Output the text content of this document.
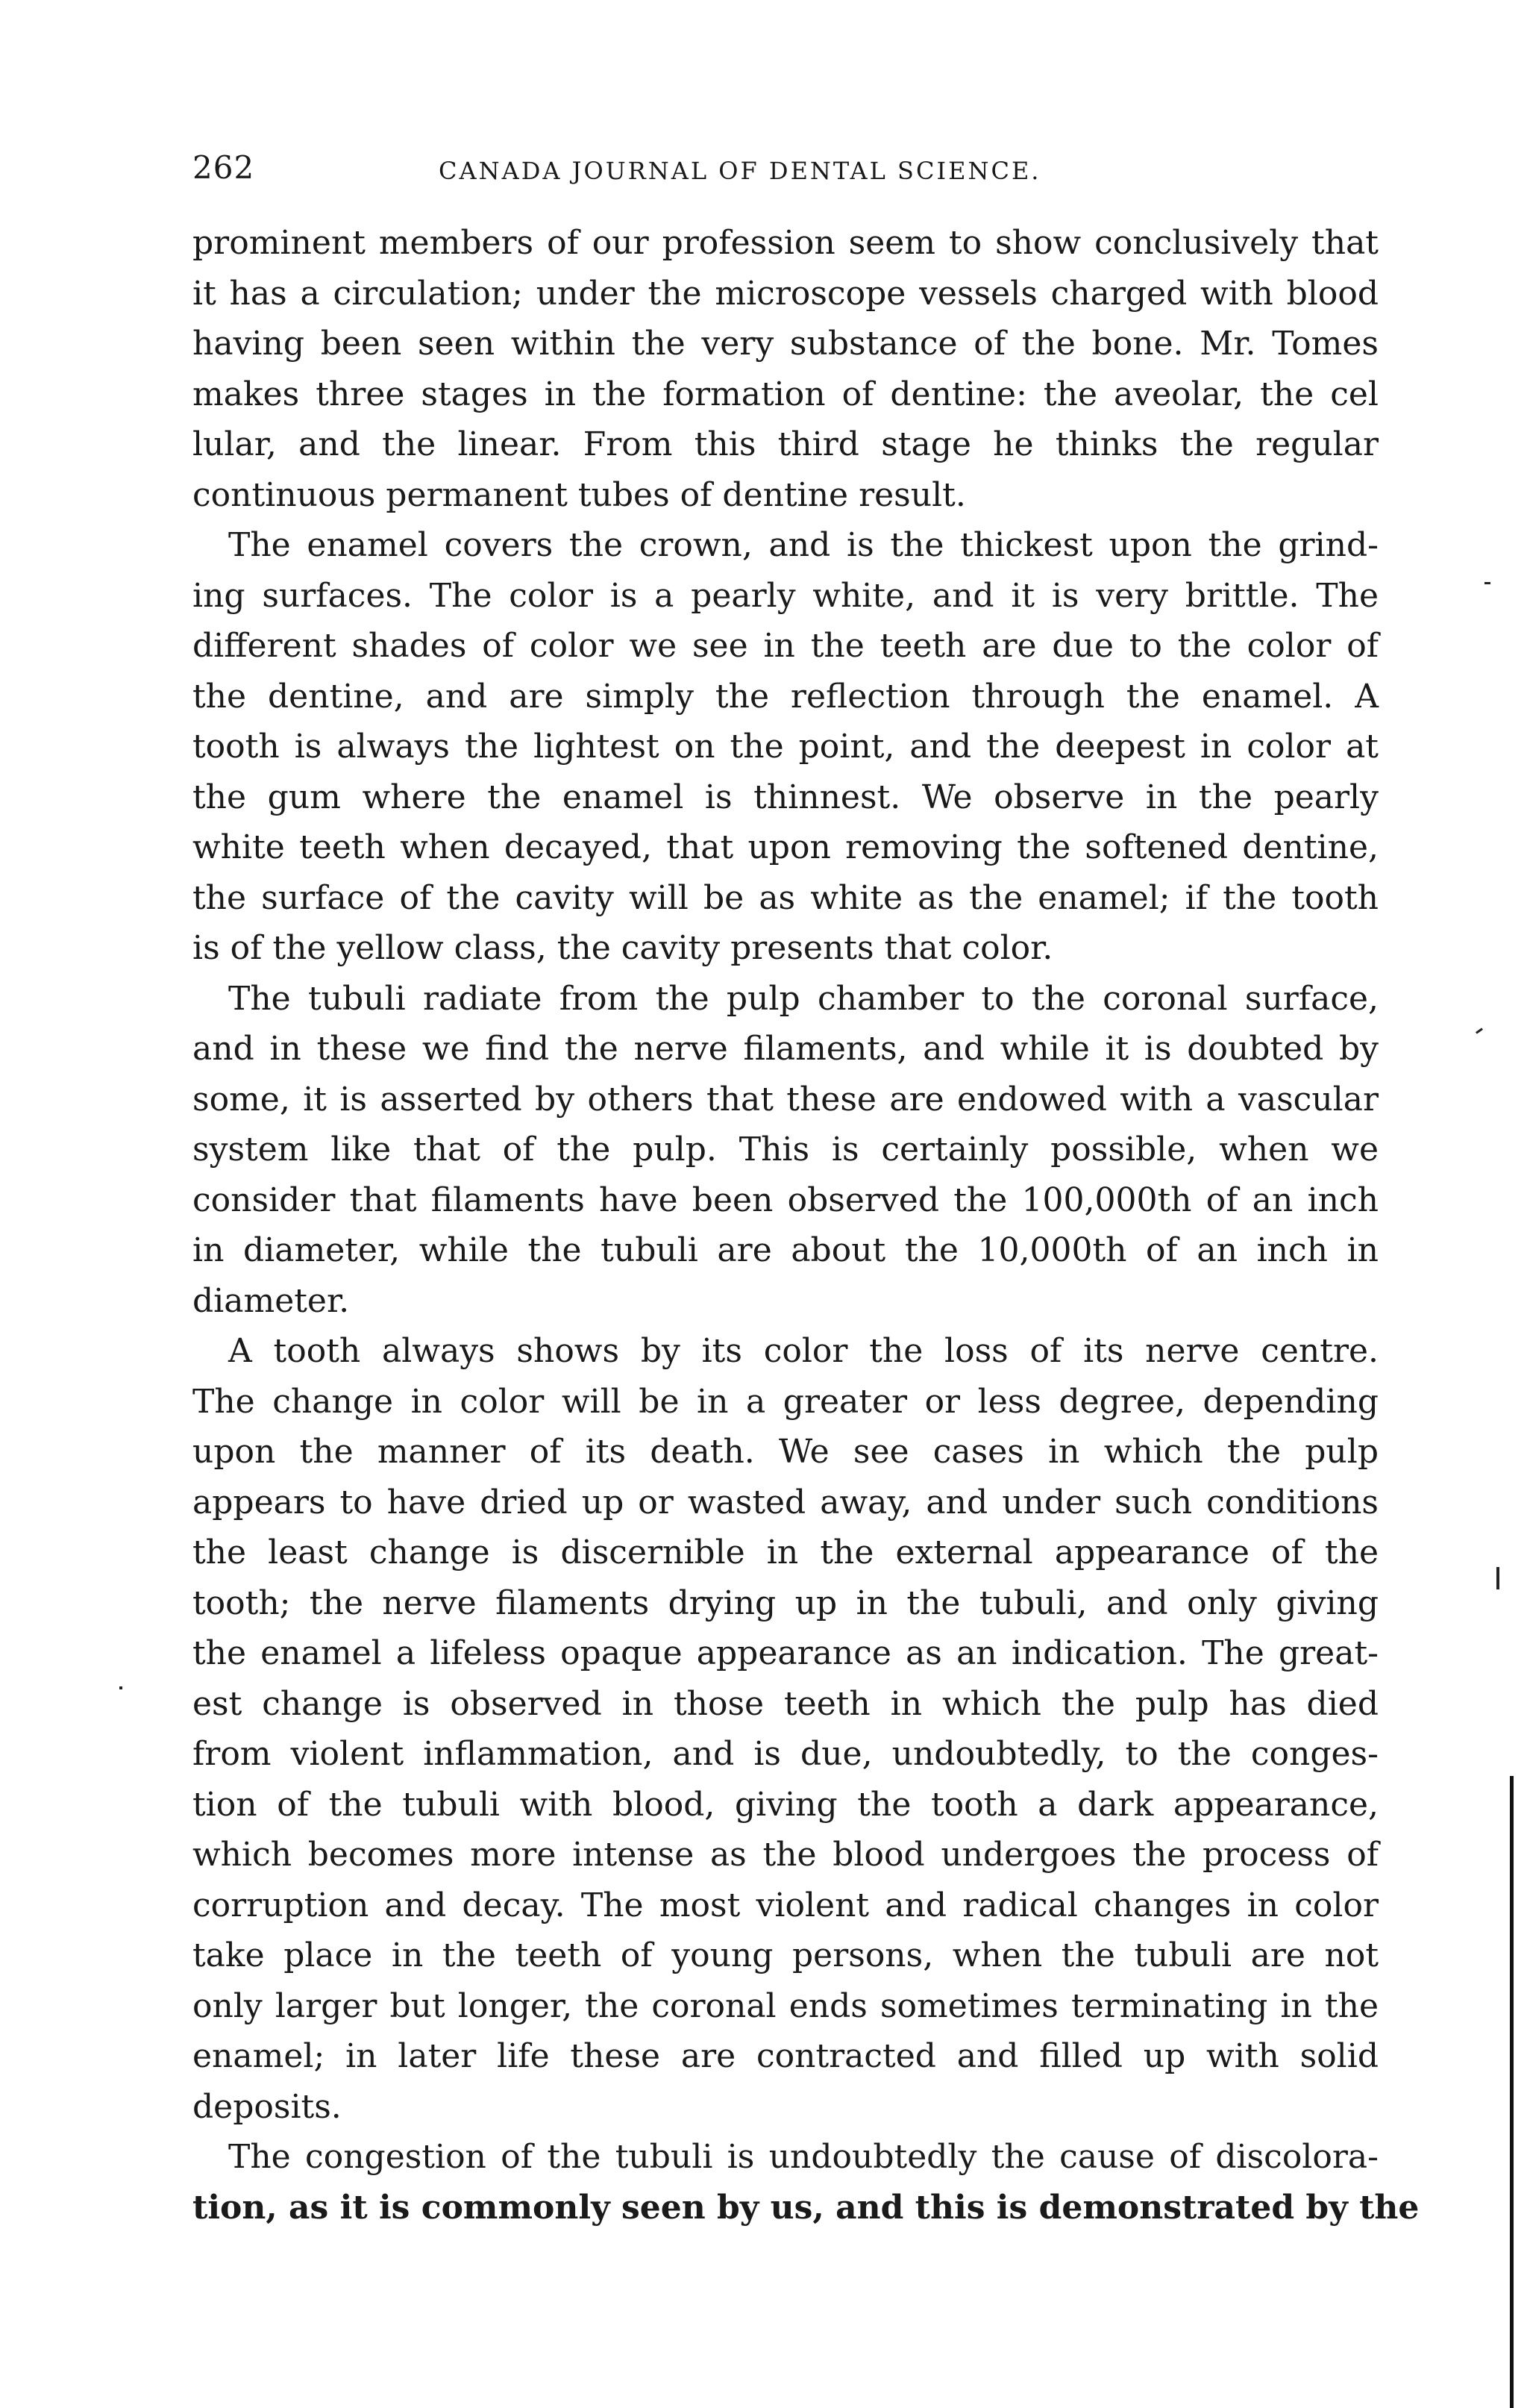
262	CANADA JOURNAL OF DENTAL SCIENCE.
prominent members of our profession seem to show conclusively that
it has a circulation; under the microscope vessels charged with blood
having been seen within the very substance of the bone. Mr. Tomes
makes three stages in the formation of dentine: the aveolar, the cel
lular, and the linear. From this third stage he thinks the regular
continuous permanent tubes of dentine result.
The enamel covers the crown, and is the thickest upon the grind-
ing surfaces. The color is a pearly white, and it is very brittle. The
different shades of color we see in the teeth are due to the color of
the dentine, and are simply the reflection through the enamel. A
tooth is always the lightest on the point, and the deepest in color at
the gum where the enamel is thinnest. We observe in the pearly
white teeth when decayed, that upon removing the softened dentine,
the surface of the cavity will be as white as the enamel; if the tooth
is of the yellow class, the cavity presents that color.
The tubuli radiate from the pulp chamber to the coronal surface,
and in these we find the nerve filaments, and while it is doubted by
some, it is asserted by others that these are endowed with a vascular
system like that of the pulp. This is certainly possible, when we
consider that filaments have been observed the 100,000th of an inch
in diameter, while the tubuli are about the 10,000th of an inch in
diameter.
A tooth always shows by its color the loss of its nerve centre.
The change in color will be in a greater or less degree, depending
upon the manner of its death. We see cases in which the pulp
appears to have dried up or wasted away, and under such conditions
the least change is discernible in the external appearance of the
tooth; the nerve filaments drying up in the tubuli, and only giving
the enamel a lifeless opaque appearance as an indication. The great-
est change is observed in those teeth in which the pulp has died
from violent inflammation, and is due, undoubtedly, to the conges-
tion of the tubuli with blood, giving the tooth a dark appearance,
which becomes more intense as the blood undergoes the process of
corruption and decay. The most violent and radical changes in color
take place in the teeth of young persons, when the tubuli are not
only larger but longer, the coronal ends sometimes terminating in the
enamel; in later life these are contracted and filled up with solid
deposits.
The congestion of the tubuli is undoubtedly the cause of discolora-
tion, as it is commonly seen by us, and this is demonstrated by the
